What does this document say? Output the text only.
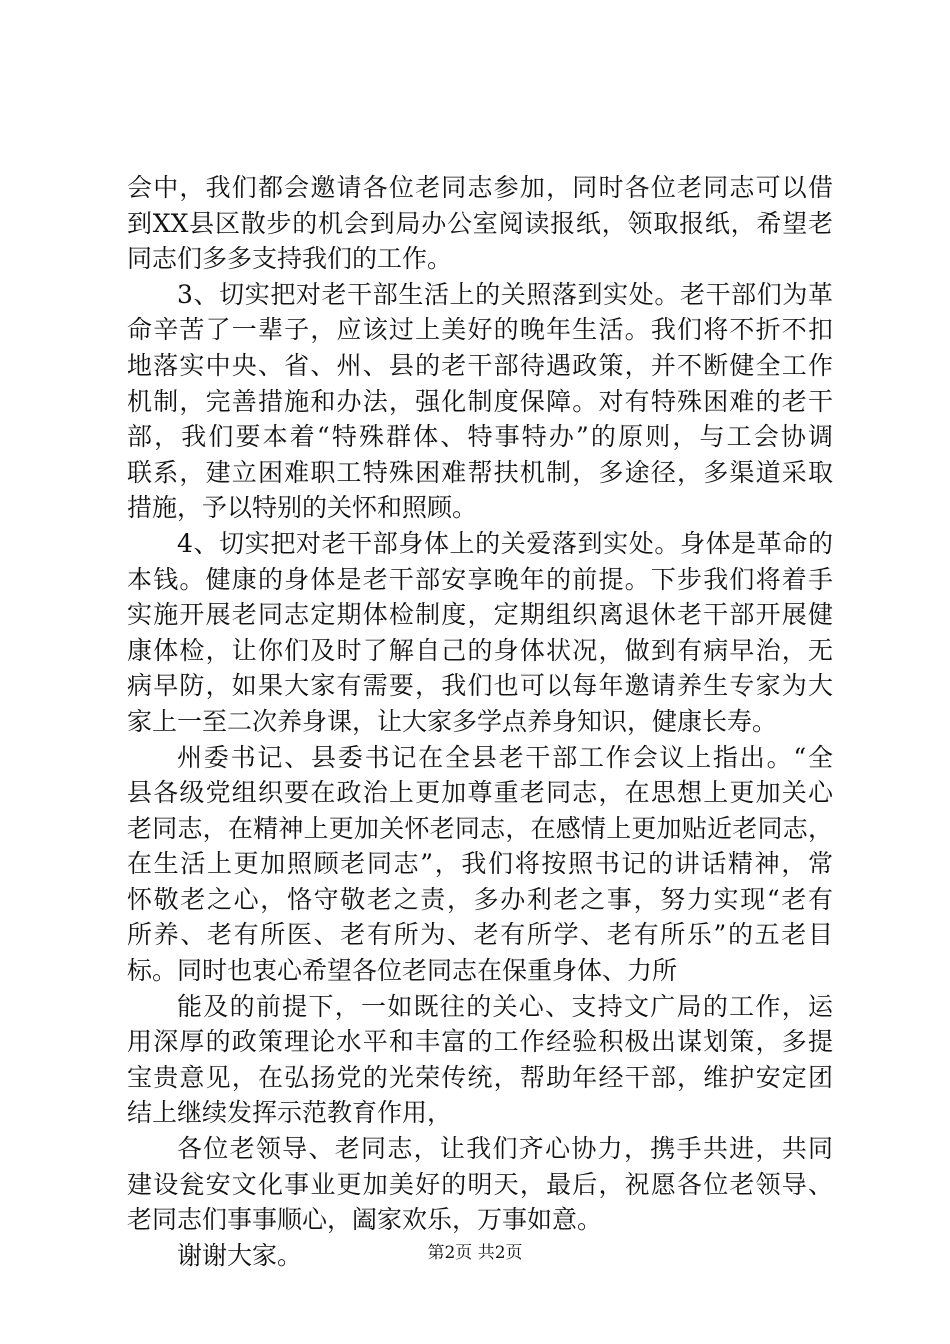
会中，我们都会邀请各位老同志参加，同时各位老同志可以借
到XX县区散步的机会到局办公室阅读报纸，领取报纸，希望老
同志们多多支持我们的工作。
3、切实把对老干部生活上的关照落到实处。老干部们为革
命辛苦了一辈子，应该过上美好的晚年生活。我们将不折不扣
地落实中央、省、州、县的老干部待遇政策，并不断健全工作
机制，完善措施和办法，强化制度保障。对有特殊困难的老干
部，我们要本着“特殊群体、特事特办”的原则，与工会协调
联系，建立困难职工特殊困难帮扶机制，多途径，多渠道采取
措施，予以特别的关怀和照顾。
4、切实把对老干部身体上的关爱落到实处。身体是革命的
本钱。健康的身体是老干部安享晚年的前提。下步我们将着手
实施开展老同志定期体检制度，定期组织离退休老干部开展健
康体检，让你们及时了解自己的身体状况，做到有病早治，无
病早防，如果大家有需要，我们也可以每年邀请养生专家为大
家上一至二次养身课，让大家多学点养身知识，健康长寿。
州委书记、县委书记在全县老干部工作会议上指出。“全
县各级党组织要在政治上更加尊重老同志，在思想上更加关心
老同志，在精神上更加关怀老同志，在感情上更加贴近老同志，
在生活上更加照顾老同志”，我们将按照书记的讲话精神，常
怀敬老之心，恪守敬老之责，多办利老之事，努力实现“老有
所养、老有所医、老有所为、老有所学、老有所乐”的五老目
标。同时也衷心希望各位老同志在保重身体、力所
能及的前提下，一如既往的关心、支持文广局的工作，运
用深厚的政策理论水平和丰富的工作经验积极出谋划策，多提
宝贵意见，在弘扬党的光荣传统，帮助年经干部，维护安定团
结上继续发挥示范教育作用，
各位老领导、老同志，让我们齐心协力，携手共进，共同
建设瓮安文化事业更加美好的明天，最后，祝愿各位老领导、
老同志们事事顺心，阖家欢乐，万事如意。
谢谢大家。	第2页 共2页
